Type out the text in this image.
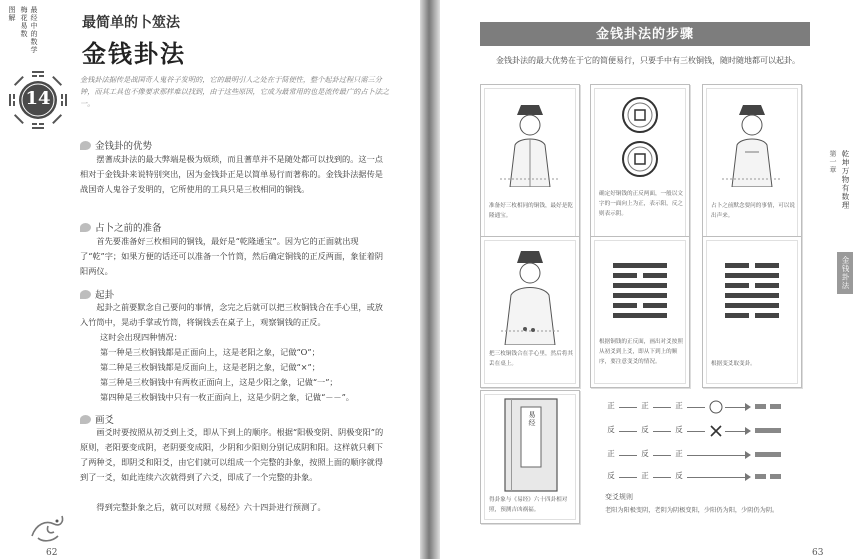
图解 梅花易数 最经中的数学	最简单的卜筮法
金钱卦法
14
金钱卦法据传是战国奇人鬼谷子发明的，它的最明引人之处在于简便性，整个起卦过程只需三分钟，而其工具也不像要求那样难以找到，由于这些原因，它成为最常用的也是流传最广的占卜法之一。
金钱卦的优势
摆蓍成卦法的最大弊端是极为烦琐，而且蓍草并不是随处都可以找到的。这一点相对于金钱卦来说特别突出，因为金钱卦正是以简单易行而著称的。金钱卦法据传是战国奇人鬼谷子发明的，它所使用的工具只是三枚相同的铜钱。
占卜之前的准备
首先要准备好三枚相同的铜钱，最好是“乾隆通宝”。因为它的正面就出现了“乾”字；如果方便的话还可以准备一个竹筒，然后确定铜钱的正反两面，象征着阴阳两仪。
起卦
起卦之前要默念自己要问的事情，念完之后就可以把三枚铜钱合在手心里，或放入竹筒中，晃动手掌或竹筒，将铜钱丢在桌子上，观察铜钱的正反。
这时会出现四种情况：
第一种是三枚铜钱都是正面向上，这是老阳之象，记做“O”；
第二种是三枚铜钱都是反面向上，这是老阴之象，记做“×”；
第三种是三枚铜钱中有两枚正面向上，这是少阳之象，记做“一”；
第四种是三枚铜钱中只有一枚正面向上，这是少阴之象，记做“－－”。
画爻
画爻时要按照从初爻到上爻，即从下到上的顺序。根据“阳极变阴、阴极变阳”的原则，老阳要变成阴，老阴要变成阳，少阴和少阳则分别记成阴和阳。这样就只剩下了两种爻，即阴爻和阳爻，由它们就可以组成一个完整的卦象，按照上面的顺序就得到了一爻，如此连续六次就得到了六爻，即成了一个完整的卦象。
得到完整卦象之后，就可以对照《易经》六十四卦进行预测了。
62
金钱卦法的步骤
金钱卦法的最大优势在于它的简便易行，只要手中有三枚铜钱，随时随地都可以起卦。
准备好三枚相同的铜钱，最好是乾隆通宝。
确定好铜钱的正反两面，一般以文字的一面向上为正，表示阳，反之则表示阴。
占卜之前默念要问的事情，可以说出声来。
把三枚铜钱合在手心里，然后将其丢在桌上。
根据铜钱的正反面，画出对爻按照从初爻到上爻，即从下到上的顺序，要注意变爻的情况。	根据变爻取变卦。
易经
得卦象与《易经》六十四卦相对照，预测吉凶祸福。
正	正	正
反	反	反
正	反	正
反	正	反
变爻规则
老阳为阳极变阴，老阴为阴极变阳，少阳仍为阳，少阴仍为阴。
第一章 乾坤万物有数理
金钱卦法
63
